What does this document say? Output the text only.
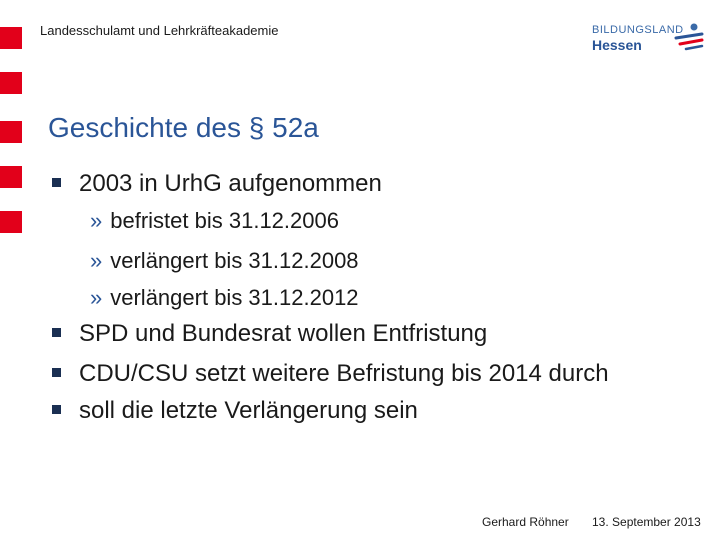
Landesschulamt und Lehrkräfteakademie	BILDUNGSLAND
Hessen
Geschichte des § 52a
2003 in UrhG aufgenommen
» befristet bis 31.12.2006
» verlängert bis 31.12.2008
» verlängert bis 31.12.2012
SPD und Bundesrat wollen Entfristung
CDU/CSU setzt weitere Befristung bis 2014 durch
soll die letzte Verlängerung sein
Gerhard Röhner 13. September 2013
